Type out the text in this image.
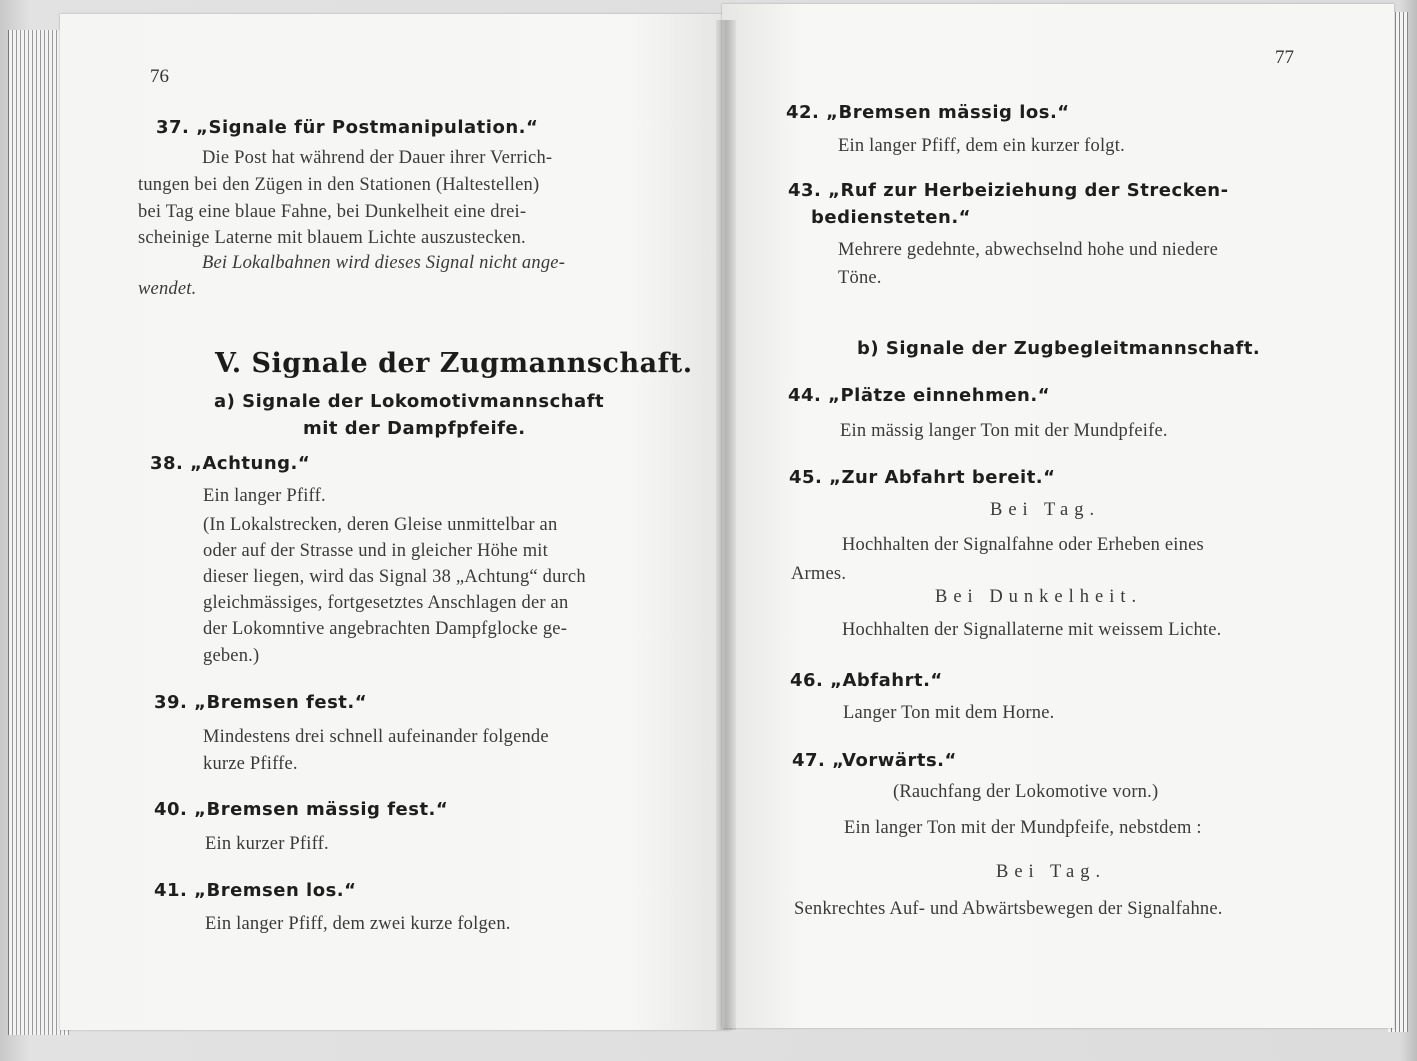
76
37. „Signale für Postmanipulation.“
Die Post hat während der Dauer ihrer Verrich-
tungen bei den Zügen in den Stationen (Haltestellen)
bei Tag eine blaue Fahne, bei Dunkelheit eine drei-
scheinige Laterne mit blauem Lichte auszustecken.
Bei Lokalbahnen wird dieses Signal nicht ange-
wendet.
V. Signale der Zugmannschaft.
a) Signale der Lokomotivmannschaft
mit der Dampfpfeife.
38. „Achtung.“
Ein langer Pfiff.
(In Lokalstrecken, deren Gleise unmittelbar an
oder auf der Strasse und in gleicher Höhe mit
dieser liegen, wird das Signal 38 „Achtung“ durch
gleichmässiges, fortgesetztes Anschlagen der an
der Lokomntive angebrachten Dampfglocke ge-
geben.)
39. „Bremsen fest.“
Mindestens drei schnell aufeinander folgende
kurze Pfiffe.
40. „Bremsen mässig fest.“
Ein kurzer Pfiff.
41. „Bremsen los.“
Ein langer Pfiff, dem zwei kurze folgen.
77
42. „Bremsen mässig los.“
Ein langer Pfiff, dem ein kurzer folgt.
43. „Ruf zur Herbeiziehung der Strecken-
bediensteten.“
Mehrere gedehnte, abwechselnd hohe und niedere
Töne.
b) Signale der Zugbegleitmannschaft.
44. „Plätze einnehmen.“
Ein mässig langer Ton mit der Mundpfeife.
45. „Zur Abfahrt bereit.“
Bei Tag.
Hochhalten der Signalfahne oder Erheben eines
Armes.
Bei Dunkelheit.
Hochhalten der Signallaterne mit weissem Lichte.
46. „Abfahrt.“
Langer Ton mit dem Horne.
47. „Vorwärts.“
(Rauchfang der Lokomotive vorn.)
Ein langer Ton mit der Mundpfeife, nebstdem :
Bei Tag.
Senkrechtes Auf- und Abwärtsbewegen der Signalfahne.
